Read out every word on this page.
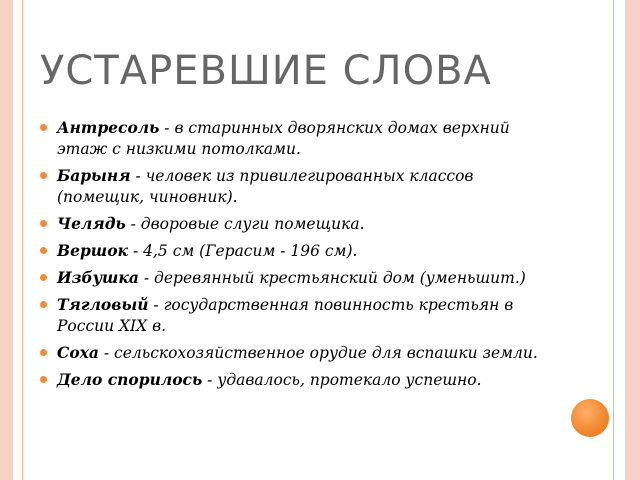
УСТАРЕВШИЕ СЛОВА
Антресоль - в старинных дворянских домах верхний этаж с низкими потолками.
Барыня - человек из привилегированных классов (помещик, чиновник).
Челядь - дворовые слуги помещика.
Вершок - 4,5 см (Герасим - 196 см).
Избушка - деревянный крестьянский дом (уменьшит.)
Тягловый - государственная повинность крестьян в России XIX в.
Соха - сельскохозяйственное орудие для вспашки земли.
Дело спорилось - удавалось, протекало успешно.
